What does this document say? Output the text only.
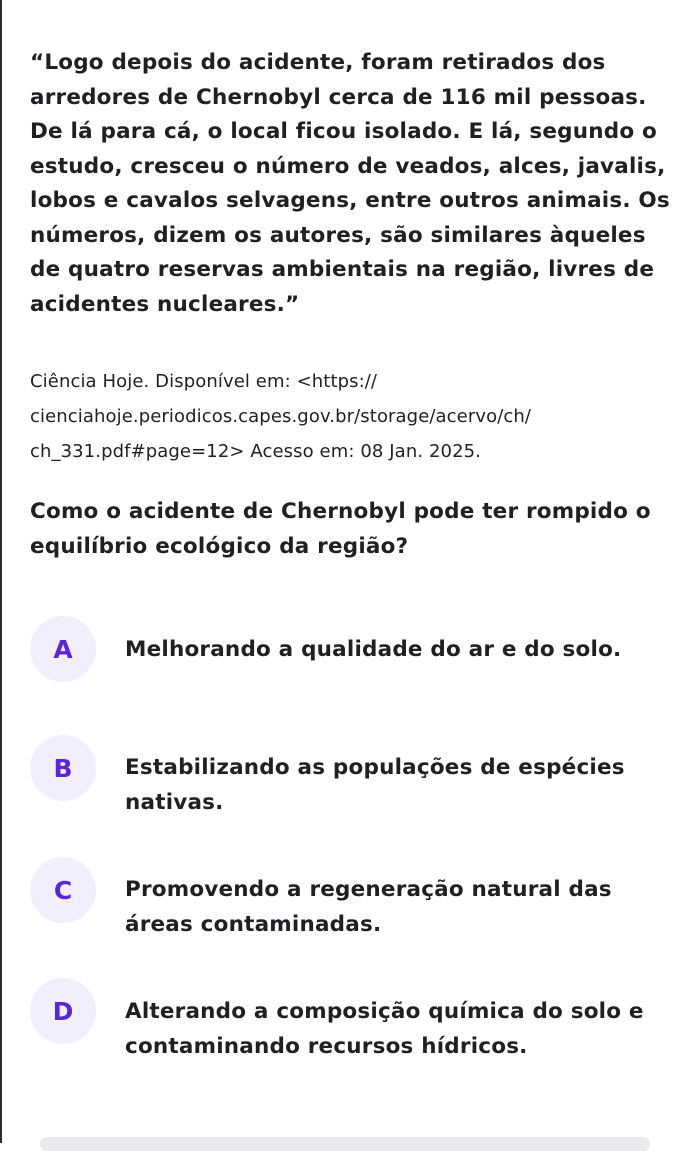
“Logo depois do acidente, foram retirados dos arredores de Chernobyl cerca de 116 mil pessoas. De lá para cá, o local ficou isolado. E lá, segundo o estudo, cresceu o número de veados, alces, javalis, lobos e cavalos selvagens, entre outros animais. Os números, dizem os autores, são similares àqueles de quatro reservas ambientais na região, livres de acidentes nucleares.”
Ciência Hoje. Disponível em: <https://
cienciahoje.periodicos.capes.gov.br/storage/acervo/ch/
ch_331.pdf#page=12> Acesso em: 08 Jan. 2025.
Como o acidente de Chernobyl pode ter rompido o equilíbrio ecológico da região?
A	Melhorando a qualidade do ar e do solo.
B	Estabilizando as populações de espécies nativas.
C	Promovendo a regeneração natural das áreas contaminadas.
D	Alterando a composição química do solo e contaminando recursos hídricos.
